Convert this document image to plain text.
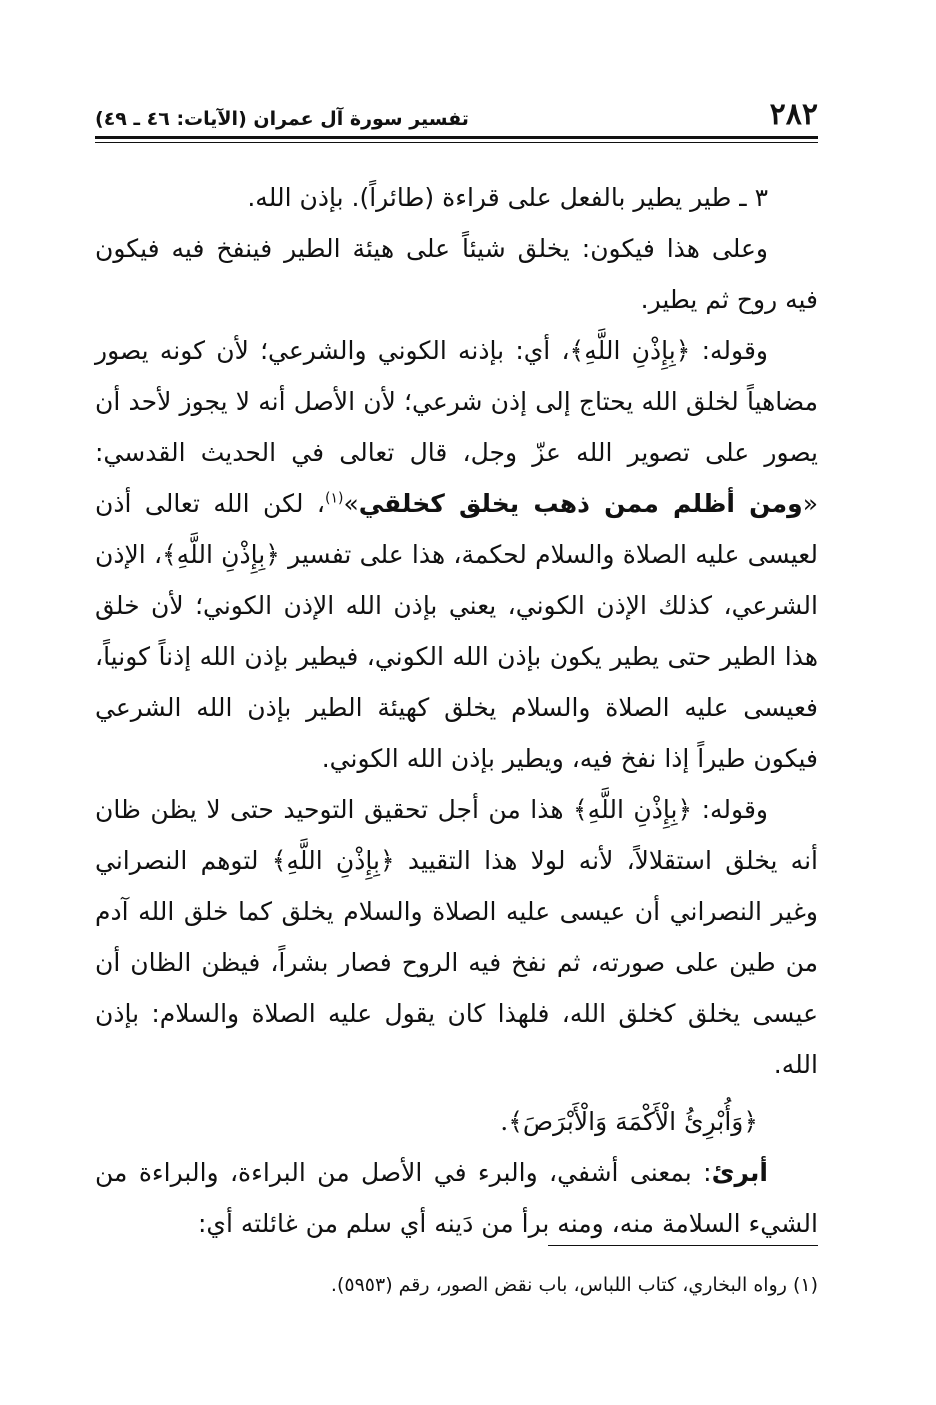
٢٨٢
تفسير سورة آل عمران (الآيات: ٤٦ ـ ٤٩)

٣ ـ طير يطير بالفعل على قراءة (طائراً). بإذن الله.

وعلى هذا فيكون: يخلق شيئاً على هيئة الطير فينفخ فيه فيكون فيه روح ثم يطير.

وقوله: ﴿بِإِذْنِ اللَّهِ﴾، أي: بإذنه الكوني والشرعي؛ لأن كونه يصور مضاهياً لخلق الله يحتاج إلى إذن شرعي؛ لأن الأصل أنه لا يجوز لأحد أن يصور على تصوير الله عزّ وجل، قال تعالى في الحديث القدسي: «ومن أظلم ممن ذهب يخلق كخلقي»$^{(١)}$، لكن الله تعالى أذن لعيسى عليه الصلاة والسلام لحكمة، هذا على تفسير ﴿بِإِذْنِ اللَّهِ﴾، الإذن الشرعي، كذلك الإذن الكوني، يعني بإذن الله الإذن الكوني؛ لأن خلق هذا الطير حتى يطير يكون بإذن الله الكوني، فيطير بإذن الله إذناً كونياً، فعيسى عليه الصلاة والسلام يخلق كهيئة الطير بإذن الله الشرعي فيكون طيراً إذا نفخ فيه، ويطير بإذن الله الكوني.

وقوله: ﴿بِإِذْنِ اللَّهِ﴾ هذا من أجل تحقيق التوحيد حتى لا يظن ظان أنه يخلق استقلالاً، لأنه لولا هذا التقييد ﴿بِإِذْنِ اللَّهِ﴾ لتوهم النصراني وغير النصراني أن عيسى عليه الصلاة والسلام يخلق كما خلق الله آدم من طين على صورته، ثم نفخ فيه الروح فصار بشراً، فيظن الظان أن عيسى يخلق كخلق الله، فلهذا كان يقول عليه الصلاة والسلام: بإذن الله.

﴿وَأُبْرِئُ الْأَكْمَهَ وَالْأَبْرَصَ﴾.

أبرئ: بمعنى أشفي، والبرء في الأصل من البراءة، والبراءة من الشيء السلامة منه، ومنه برأ من دَينه أي سلم من غائلته أي:

(١) رواه البخاري، كتاب اللباس، باب نقض الصور، رقم (٥٩٥٣).
